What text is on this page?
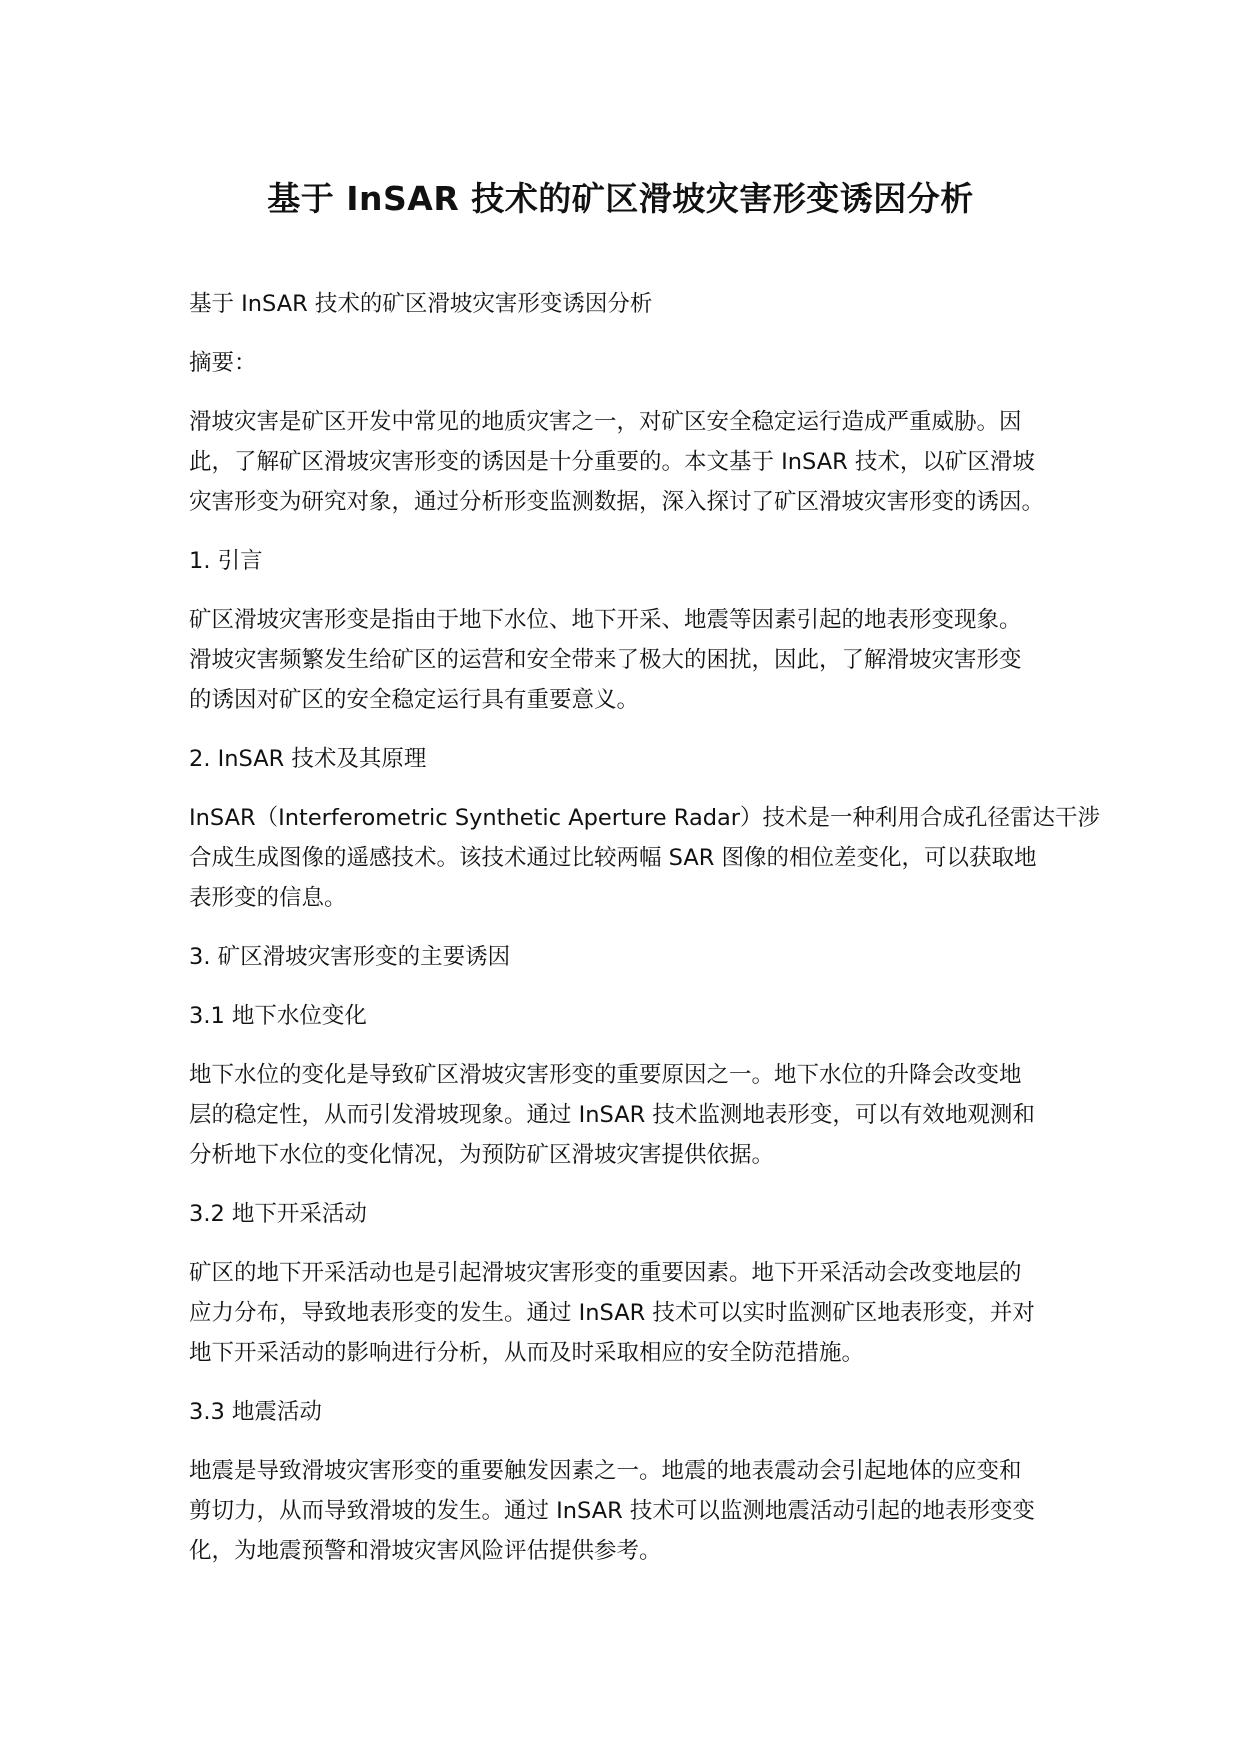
基于 InSAR 技术的矿区滑坡灾害形变诱因分析
基于 InSAR 技术的矿区滑坡灾害形变诱因分析
摘要：
滑坡灾害是矿区开发中常见的地质灾害之一，对矿区安全稳定运行造成严重威胁。因
此，了解矿区滑坡灾害形变的诱因是十分重要的。本文基于 InSAR 技术，以矿区滑坡
灾害形变为研究对象，通过分析形变监测数据，深入探讨了矿区滑坡灾害形变的诱因。
1. 引言
矿区滑坡灾害形变是指由于地下水位、地下开采、地震等因素引起的地表形变现象。
滑坡灾害频繁发生给矿区的运营和安全带来了极大的困扰，因此，了解滑坡灾害形变
的诱因对矿区的安全稳定运行具有重要意义。
2. InSAR 技术及其原理
InSAR（Interferometric Synthetic Aperture Radar）技术是一种利用合成孔径雷达干涉
合成生成图像的遥感技术。该技术通过比较两幅 SAR 图像的相位差变化，可以获取地
表形变的信息。
3. 矿区滑坡灾害形变的主要诱因
3.1 地下水位变化
地下水位的变化是导致矿区滑坡灾害形变的重要原因之一。地下水位的升降会改变地
层的稳定性，从而引发滑坡现象。通过 InSAR 技术监测地表形变，可以有效地观测和
分析地下水位的变化情况，为预防矿区滑坡灾害提供依据。
3.2 地下开采活动
矿区的地下开采活动也是引起滑坡灾害形变的重要因素。地下开采活动会改变地层的
应力分布，导致地表形变的发生。通过 InSAR 技术可以实时监测矿区地表形变，并对
地下开采活动的影响进行分析，从而及时采取相应的安全防范措施。
3.3 地震活动
地震是导致滑坡灾害形变的重要触发因素之一。地震的地表震动会引起地体的应变和
剪切力，从而导致滑坡的发生。通过 InSAR 技术可以监测地震活动引起的地表形变变
化，为地震预警和滑坡灾害风险评估提供参考。
